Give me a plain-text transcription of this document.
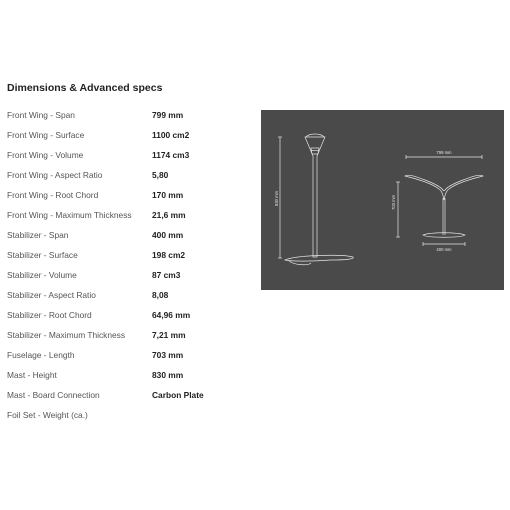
Dimensions & Advanced specs
Front Wing - Span	799 mm
Front Wing - Surface	1100 cm2
Front Wing - Volume	1174 cm3
Front Wing - Aspect Ratio	5,80
Front Wing - Root Chord	170 mm
Front Wing - Maximum Thickness	21,6 mm
Stabilizer - Span	400 mm
Stabilizer - Surface	198 cm2
Stabilizer - Volume	87 cm3
Stabilizer - Aspect Ratio	8,08
Stabilizer - Root Chord	64,96 mm
Stabilizer - Maximum Thickness	7,21 mm
Fuselage - Length	703 mm
Mast - Height	830 mm
Mast - Board Connection	Carbon Plate
Foil Set - Weight (ca.)
830 mm
799 mm
703 mm
400 mm
